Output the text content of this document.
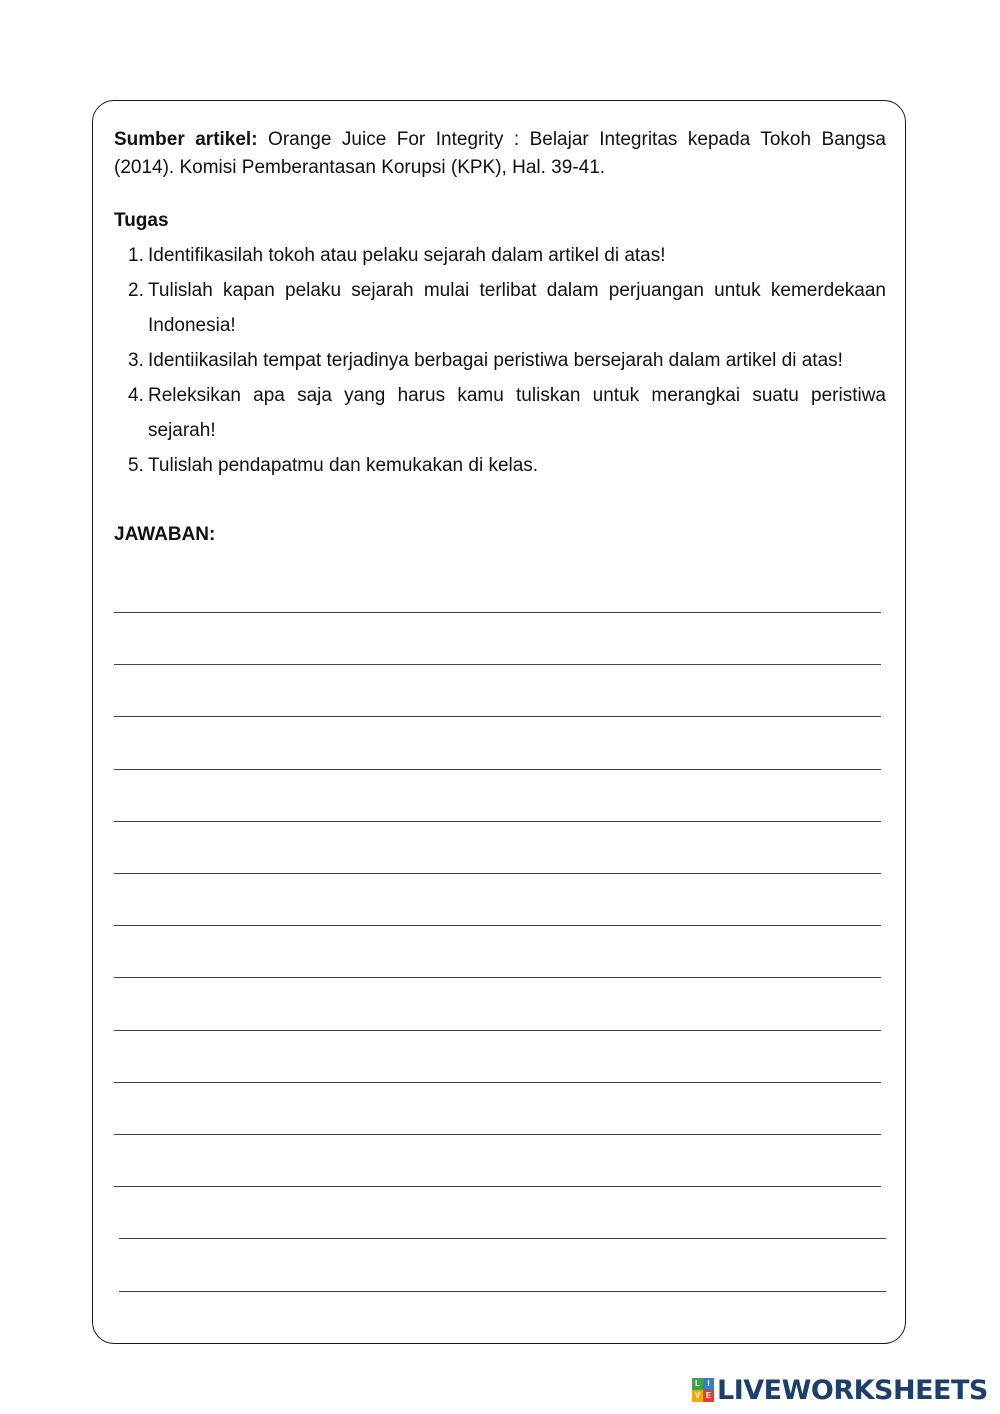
Sumber artikel: Orange Juice For Integrity : Belajar Integritas kepada Tokoh Bangsa (2014). Komisi Pemberantasan Korupsi (KPK), Hal. 39-41.

Tugas

1. Identifikasilah tokoh atau pelaku sejarah dalam artikel di atas!
2. Tulislah kapan pelaku sejarah mulai terlibat dalam perjuangan untuk kemerdekaan Indonesia!
3. Identiikasilah tempat terjadinya berbagai peristiwa bersejarah dalam artikel di atas!
4. Releksikan apa saja yang harus kamu tuliskan untuk merangkai suatu peristiwa sejarah!
5. Tulislah pendapatmu dan kemukakan di kelas.

JAWABAN:

L I
V E LIVEWORKSHEETS
